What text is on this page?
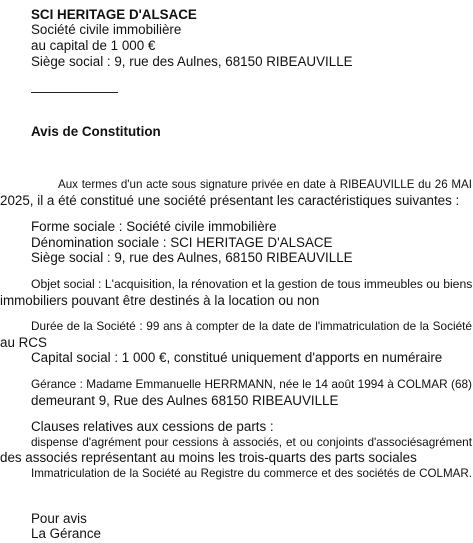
SCI HERITAGE D'ALSACE
Société civile immobilière
au capital de 1 000 €
Siège social : 9, rue des Aulnes, 68150 RIBEAUVILLE
Avis de Constitution
Aux termes d'un acte sous signature privée en date à RIBEAUVILLE du 26 MAI
2025, il a été constitué une société présentant les caractéristiques suivantes :
Forme sociale : Société civile immobilière
Dénomination sociale : SCI HERITAGE D'ALSACE
Siège social : 9, rue des Aulnes, 68150 RIBEAUVILLE
Objet social : L'acquisition, la rénovation et la gestion de tous immeubles ou biens
immobiliers pouvant être destinés à la location ou non
Durée de la Société : 99 ans à compter de la date de l'immatriculation de la Société
au RCS
Capital social : 1 000 €, constitué uniquement d'apports en numéraire
Gérance : Madame Emmanuelle HERRMANN, née le 14 août 1994 à COLMAR (68)
demeurant 9, Rue des Aulnes 68150 RIBEAUVILLE
Clauses relatives aux cessions de parts :
dispense d'agrément pour cessions à associés, et ou conjoints d'associésagrément
des associés représentant au moins les trois-quarts des parts sociales
Immatriculation de la Société au Registre du commerce et des sociétés de COLMAR.
Pour avis
La Gérance
